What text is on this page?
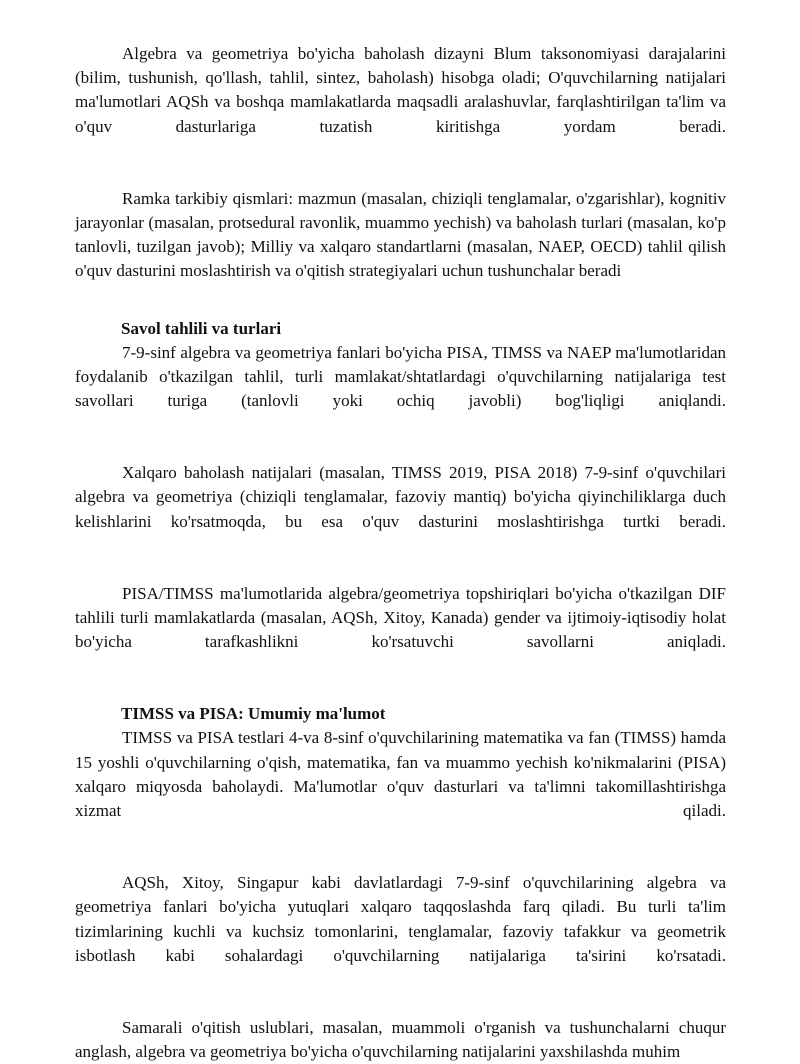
Algebra va geometriya bo'yicha baholash dizayni Blum taksonomiyasi darajalarini (bilim, tushunish, qo'llash, tahlil, sintez, baholash) hisobga oladi; O'quvchilarning natijalari ma'lumotlari AQSh va boshqa mamlakatlarda maqsadli aralashuvlar, farqlashtirilgan ta'lim va o'quv dasturlariga tuzatish kiritishga yordam beradi.

Ramka tarkibiy qismlari: mazmun (masalan, chiziqli tenglamalar, o'zgarishlar), kognitiv jarayonlar (masalan, protsedural ravonlik, muammo yechish) va baholash turlari (masalan, ko'p tanlovli, tuzilgan javob); Milliy va xalqaro standartlarni (masalan, NAEP, OECD) tahlil qilish o'quv dasturini moslashtirish va o'qitish strategiyalari uchun tushunchalar beradi

Savol tahlili va turlari

7-9-sinf algebra va geometriya fanlari bo'yicha PISA, TIMSS va NAEP ma'lumotlaridan foydalanib o'tkazilgan tahlil, turli mamlakat/shtatlardagi o'quvchilarning natijalariga test savollari turiga (tanlovli yoki ochiq javobli) bog'liqligi aniqlandi.

Xalqaro baholash natijalari (masalan, TIMSS 2019, PISA 2018) 7-9-sinf o'quvchilari algebra va geometriya (chiziqli tenglamalar, fazoviy mantiq) bo'yicha qiyinchiliklarga duch kelishlarini ko'rsatmoqda, bu esa o'quv dasturini moslashtirishga turtki beradi.

PISA/TIMSS ma'lumotlarida algebra/geometriya topshiriqlari bo'yicha o'tkazilgan DIF tahlili turli mamlakatlarda (masalan, AQSh, Xitoy, Kanada) gender va ijtimoiy-iqtisodiy holat bo'yicha tarafkashlikni ko'rsatuvchi savollarni aniqladi.

TIMSS va PISA: Umumiy ma'lumot

TIMSS va PISA testlari 4-va 8-sinf o'quvchilarining matematika va fan (TIMSS) hamda 15 yoshli o'quvchilarning o'qish, matematika, fan va muammo yechish ko'nikmalarini (PISA) xalqaro miqyosda baholaydi. Ma'lumotlar o'quv dasturlari va ta'limni takomillashtirishga xizmat qiladi.

AQSh, Xitoy, Singapur kabi davlatlardagi 7-9-sinf o'quvchilarining algebra va geometriya fanlari bo'yicha yutuqlari xalqaro taqqoslashda farq qiladi. Bu turli ta'lim tizimlarining kuchli va kuchsiz tomonlarini, tenglamalar, fazoviy tafakkur va geometrik isbotlash kabi sohalardagi o'quvchilarning natijalariga ta'sirini ko'rsatadi.

Samarali o'qitish uslublari, masalan, muammoli o'rganish va tushunchalarni chuqur anglash, algebra va geometriya bo'yicha o'quvchilarning natijalarini yaxshilashda muhim
